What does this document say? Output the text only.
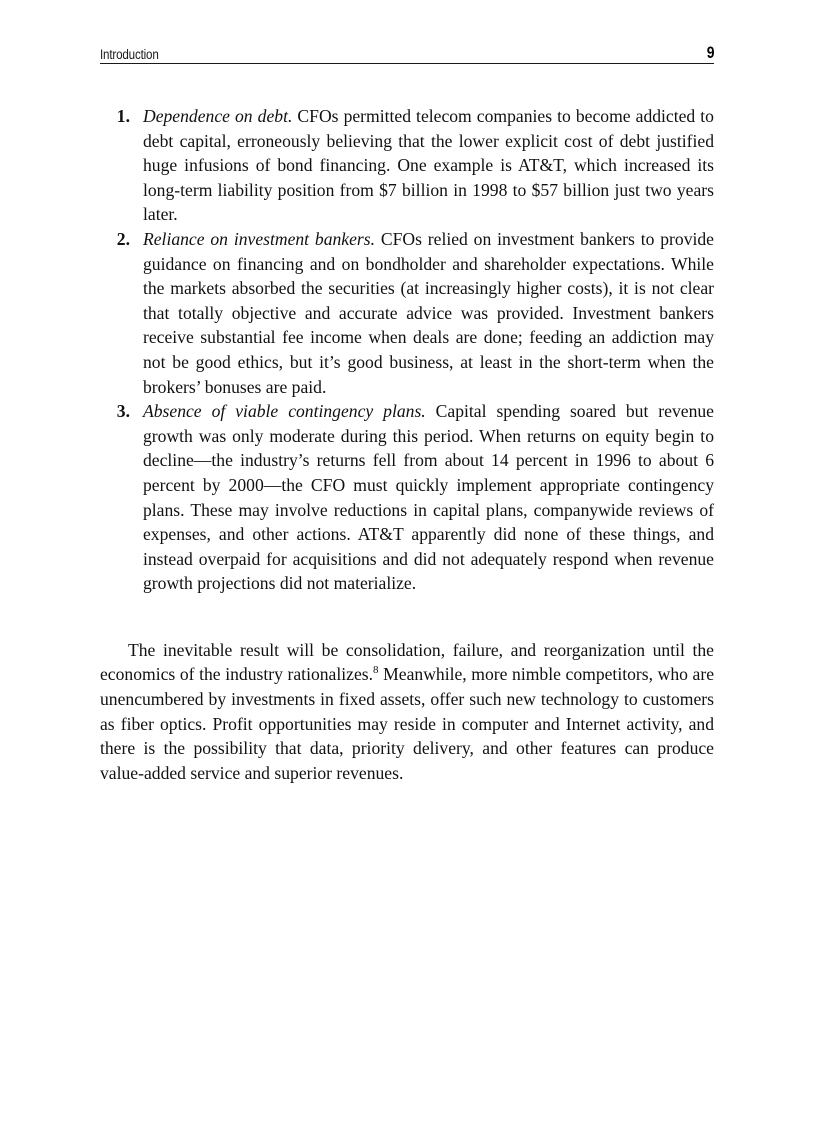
Introduction	9
1. Dependence on debt. CFOs permitted telecom companies to become addicted to debt capital, erroneously believing that the lower explicit cost of debt justified huge infusions of bond financing. One example is AT&T, which increased its long-term liability position from $7 billion in 1998 to $57 billion just two years later.
2. Reliance on investment bankers. CFOs relied on investment bankers to provide guidance on financing and on bondholder and shareholder expectations. While the markets absorbed the securities (at increasingly higher costs), it is not clear that totally objective and accurate advice was provided. Investment bankers receive substantial fee income when deals are done; feeding an addiction may not be good ethics, but it’s good business, at least in the short-term when the brokers’ bonuses are paid.
3. Absence of viable contingency plans. Capital spending soared but revenue growth was only moderate during this period. When returns on equity begin to decline—the industry’s returns fell from about 14 percent in 1996 to about 6 percent by 2000—the CFO must quickly implement appropriate contingency plans. These may involve reductions in capital plans, companywide reviews of expenses, and other actions. AT&T apparently did none of these things, and instead overpaid for acquisitions and did not adequately respond when revenue growth projections did not materialize.

The inevitable result will be consolidation, failure, and reorganization until the economics of the industry rationalizes.$^8$ Meanwhile, more nimble competitors, who are unencumbered by investments in fixed assets, offer such new technology to customers as fiber optics. Profit opportunities may reside in computer and Internet activity, and there is the possibility that data, priority delivery, and other features can produce value-added service and superior revenues.
